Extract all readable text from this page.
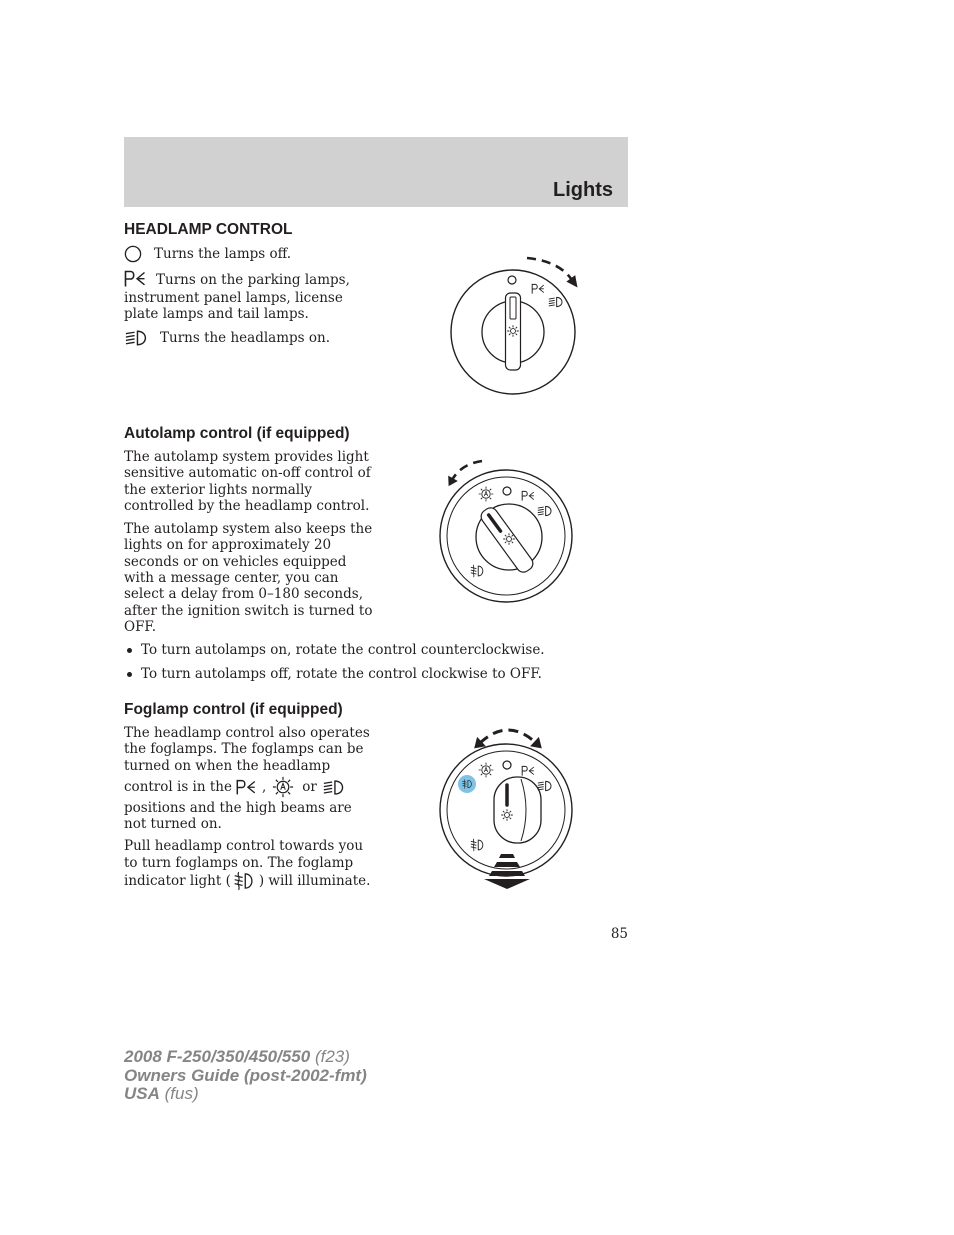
Lights
HEADLAMP CONTROL
Turns the lamps off.
Turns on the parking lamps,
instrument panel lamps, license
plate lamps and tail lamps.
Turns the headlamps on.
Autolamp control (if equipped)
The autolamp system provides light
sensitive automatic on-off control of
the exterior lights normally
controlled by the headlamp control.
The autolamp system also keeps the
lights on for approximately 20
seconds or on vehicles equipped
with a message center, you can
select a delay from 0–180 seconds,
after the ignition switch is turned to
OFF.
To turn autolamps on, rotate the control counterclockwise.
To turn autolamps off, rotate the control clockwise to OFF.
Foglamp control (if equipped)
The headlamp control also operates
the foglamps. The foglamps can be
turned on when the headlamp
control is in the ,	or
positions and the high beams are
not turned on.
Pull headlamp control towards you
to turn foglamps on. The foglamp
indicator light ( ) will illuminate.
85
2008 F-250/350/450/550 (f23)
Owners Guide (post-2002-fmt)
USA (fus)
